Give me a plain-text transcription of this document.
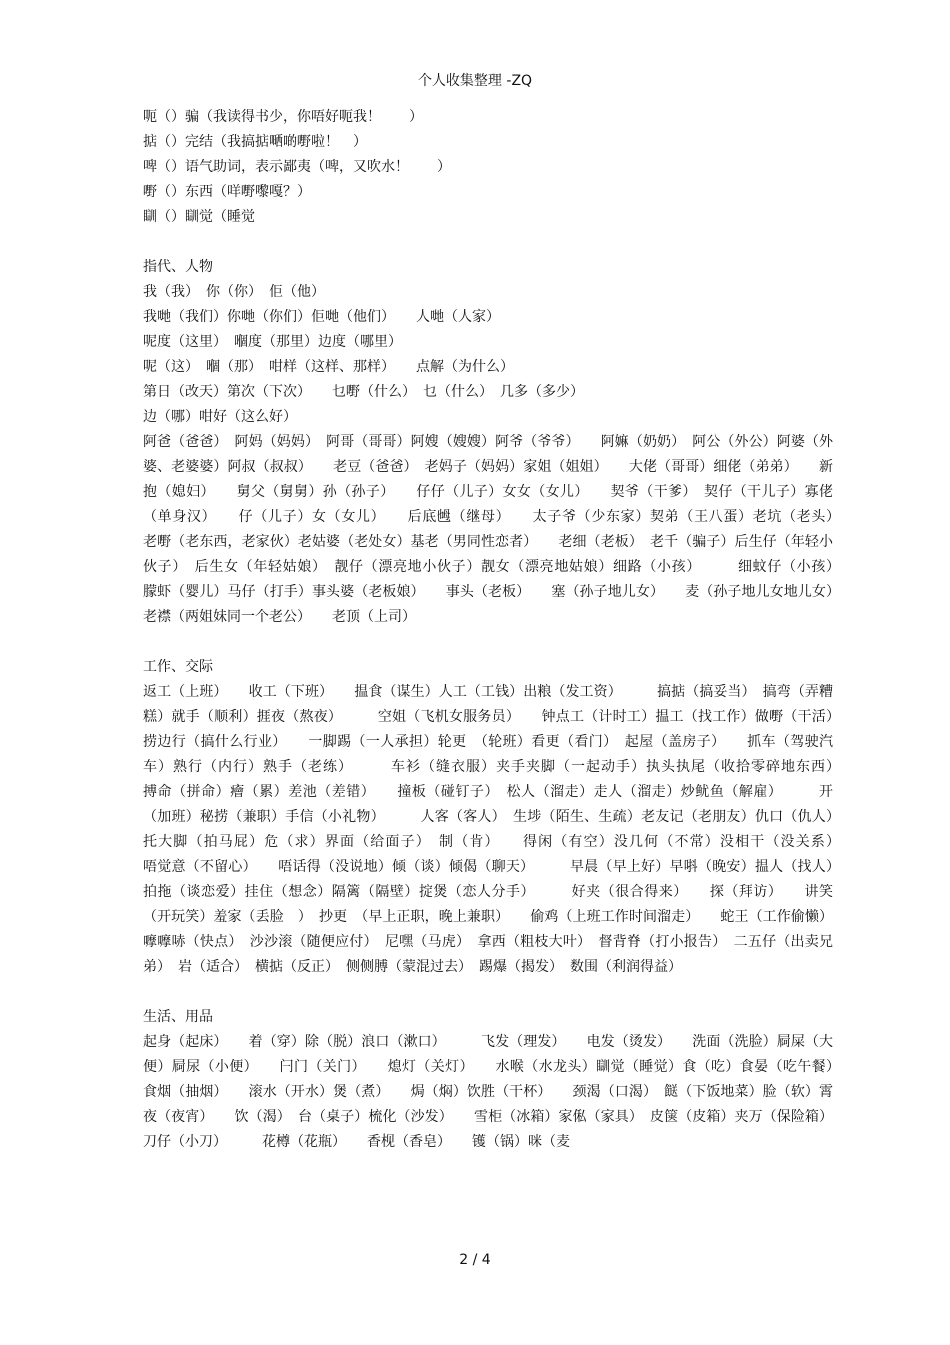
个人收集整理 -ZQ
呃（）骗（我读得书少，你唔好呃我！　　）
掂（）完结（我搞掂嗮啲嘢啦！　）
啤（）语气助词，表示鄙夷（啤，又吹水！　　）
嘢（）东西（咩嘢嚟嘎？）
瞓（）瞓觉（睡觉
指代、人物
我（我）　你（你）　佢（他）
我哋（我们）你哋（你们）佢哋（他们）　　人哋（人家）
呢度（这里）　嗰度（那里）边度（哪里）
呢（这）　嗰（那）　咁样（这样、那样）　　点解（为什么）
第日（改天）第次（下次）　　乜嘢（什么）　乜（什么）　几多（多少）
边（哪）咁好（这么好）
阿爸（爸爸）　阿妈（妈妈）　阿哥（哥哥）阿嫂（嫂嫂）阿爷（爷爷）　　阿嫲（奶奶）　阿公（外公）阿婆（外婆、老婆婆）阿叔（叔叔）　　老豆（爸爸）　老妈子（妈妈）家姐（姐姐）　　大佬（哥哥）细佬（弟弟）　　新抱（媳妇）　　舅父（舅舅）孙（孙子）　　仔仔（儿子）女女（女儿）　　契爷（干爹）　契仔（干儿子）寡佬（单身汉）　　仔（儿子）女（女儿）　　后底乸（继母）　　太子爷（少东家）契弟（王八蛋）老坑（老头）　　　老嘢（老东西，老家伙）老姑婆（老处女）基老（男同性恋者）　　老细（老板）　老千（骗子）后生仔（年轻小伙子）　后生女（年轻姑娘）　靓仔（漂亮地小伙子）靓女（漂亮地姑娘）细路（小孩）　　　细蚊仔（小孩）　　朦虾（婴儿）马仔（打手）事头婆（老板娘）　　事头（老板）　　塞（孙子地儿女）　　麦（孙子地儿女地儿女）　　老襟（两姐妹同一个老公）　　老顶（上司）
工作、交际
返工（上班）　　收工（下班）　　揾食（谋生）人工（工钱）出粮（发工资）　　　搞掂（搞妥当）　搞弯（弄糟糕）就手（顺利）捱夜（熬夜）　　　空姐（飞机女服务员）　　钟点工（计时工）揾工（找工作）做嘢（干活）　捞边行（搞什么行业）　　一脚踢（一人承担）轮更　（轮班）看更（看门）　起屋（盖房子）　　抓车（驾驶汽车）熟行（内行）熟手（老练）　　　车衫（缝衣服）夹手夹脚（一起动手）执头执尾（收拾零碎地东西）　　　搏命（拼命）癐（累）差池（差错）　　撞板（碰钉子）　松人（溜走）走人（溜走）炒鱿鱼（解雇）　　　开（加班）秘捞（兼职）手信（小礼物）　　　人客（客人）　生埗（陌生、生疏）老友记（老朋友）仇口（仇人）　　　托大脚（拍马屁）危（求）界面（给面子）　制（肯）　　得闲（有空）没几何（不常）没相干（没关系）　　　唔觉意（不留心）　　唔话得（没说地）倾（谈）倾偈（聊天）　　　早晨（早上好）早唞（晚安）揾人（找人）　　　拍拖（谈恋爱）挂住（想念）隔篱（隔壁）掟煲（恋人分手）　　　好夹（很合得来）　　探（拜访）　　讲笑（开玩笑）羞家（丢脸　）　抄更　（早上正职，晚上兼职）　　偷鸡（上班工作时间溜走）　　蛇王（工作偷懒）嚤嚤哧（快点）　沙沙滚（随便应付）　尼嘿（马虎）　拿西（粗枝大叶）　督背脊（打小报告）　二五仔（出卖兄弟）　岩（适合）　横掂（反正）　侧侧膊（蒙混过去）　踢爆（揭发）　数围（利润得益）
生活、用品
起身（起床）　　着（穿）除（脱）浪口（漱口）　　　飞发（理发）　　电发（烫发）　　洗面（洗脸）屙屎（大便）屙尿（小便）　　闩门（关门）　　熄灯（关灯）　　水喉（水龙头）瞓觉（睡觉）食（吃）食晏（吃午餐）　　食烟（抽烟）　　滚水（开水）煲（煮）　　焗（焖）饮胜（干杯）　　颈渴（口渴）　餸（下饭地菜）脸（软）霄夜（夜宵）　　饮（渴）　台（桌子）梳化（沙发）　　雪柜（冰箱）家俬（家具）　皮箧（皮箱）夹万（保险箱）刀仔（小刀）　　　花樽（花瓶）　　香枧（香皂）　　镬（锅）咪（麦
2 / 4
